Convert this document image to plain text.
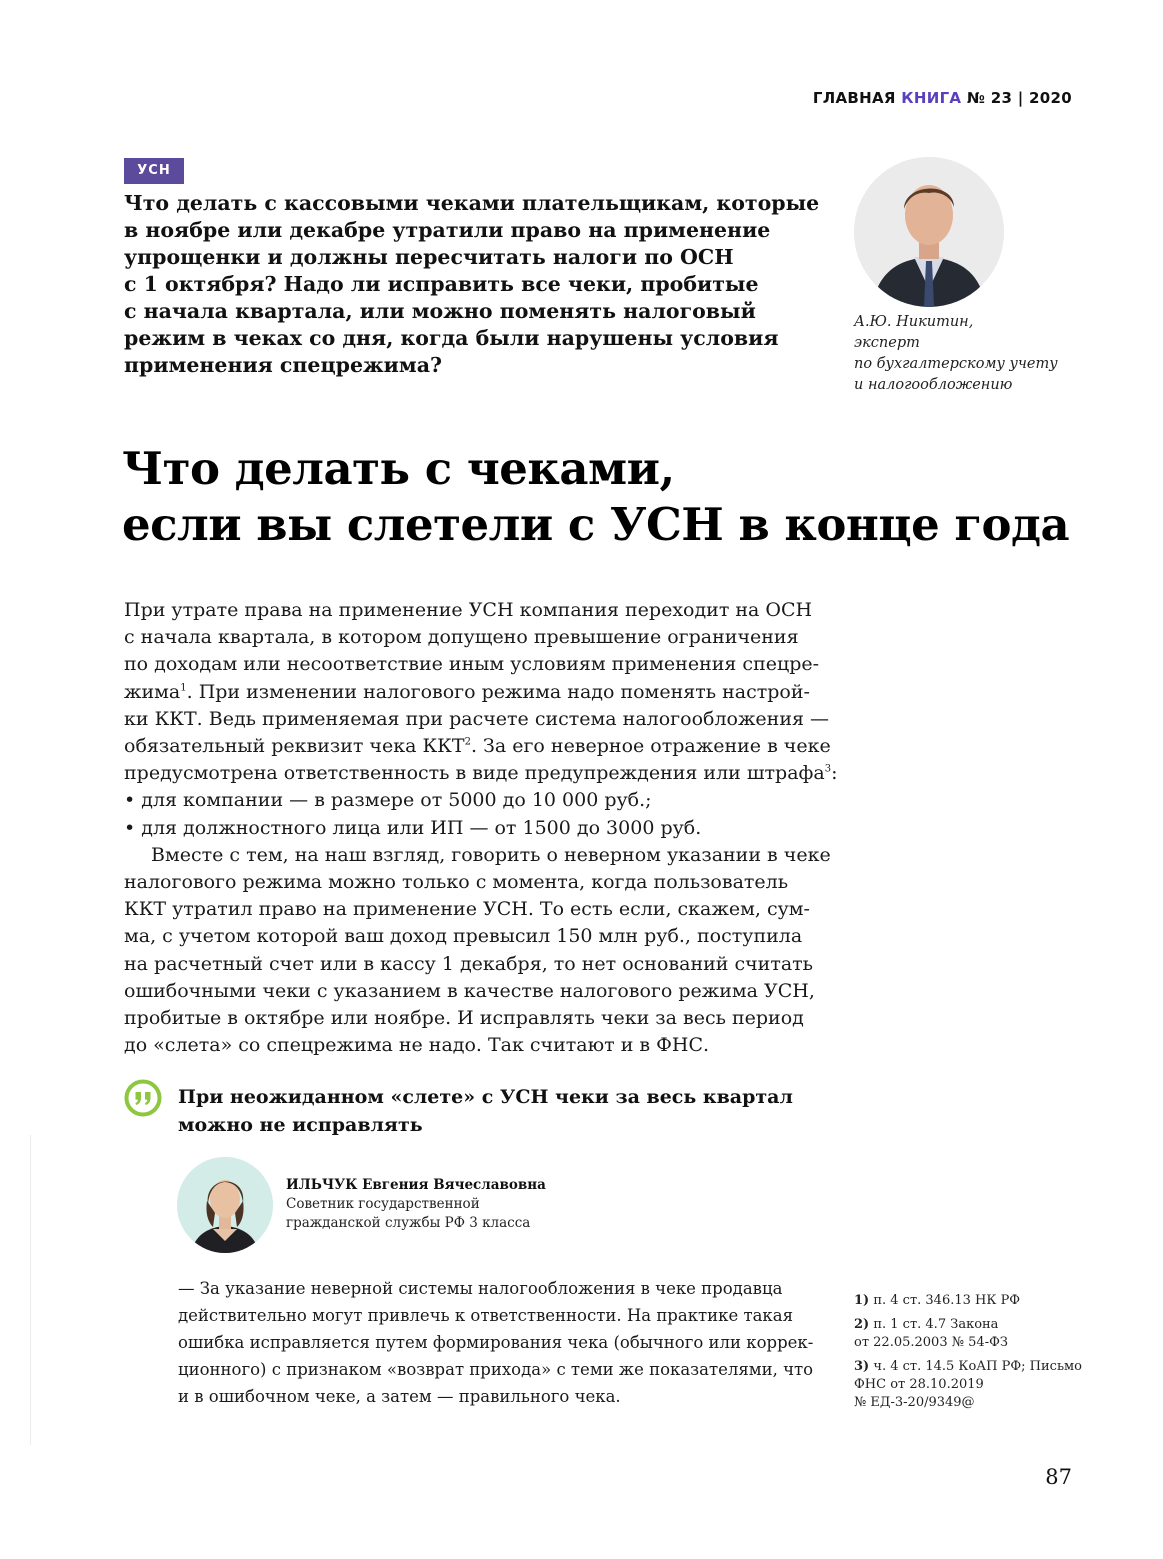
ГЛАВНАЯ КНИГА № 23 | 2020
УСН

Что делать с кассовыми чеками плательщикам, которые
в ноябре или декабре утратили право на применение
упрощенки и должны пересчитать налоги по ОСН
с 1 октября? Надо ли исправить все чеки, пробитые
с начала квартала, или можно поменять налоговый
режим в чеках со дня, когда были нарушены условия
применения спецрежима?

А.Ю. Никитин,
эксперт
по бухгалтерскому учету
и налогообложению
Что делать с чеками,
если вы слетели с УСН в конце года
При утрате права на применение УСН компания переходит на ОСН
с начала квартала, в котором допущено превышение ограничения
по доходам или несоответствие иным условиям применения спецре-
жима$^1$. При изменении налогового режима надо поменять настрой-
ки ККТ. Ведь применяемая при расчете система налогообложения —
обязательный реквизит чека ККТ$^2$. За его неверное отражение в чеке
предусмотрена ответственность в виде предупреждения или штрафа$^3$:
• для компании — в размере от 5000 до 10 000 руб.;
• для должностного лица или ИП — от 1500 до 3000 руб.
Вместе с тем, на наш взгляд, говорить о неверном указании в чеке
налогового режима можно только с момента, когда пользователь
ККТ утратил право на применение УСН. То есть если, скажем, сум-
ма, с учетом которой ваш доход превысил 150 млн руб., поступила
на расчетный счет или в кассу 1 декабря, то нет оснований считать
ошибочными чеки с указанием в качестве налогового режима УСН,
пробитые в октябре или ноябре. И исправлять чеки за весь период
до «слета» со спецрежима не надо. Так считают и в ФНС.

При неожиданном «слете» с УСН чеки за весь квартал
можно не исправлять

ИЛЬЧУК Евгения Вячеславовна
Советник государственной
гражданской службы РФ 3 класса
— За указание неверной системы налогообложения в чеке продавца
действительно могут привлечь к ответственности. На практике такая
ошибка исправляется путем формирования чека (обычного или коррек-
ционного) с признаком «возврат прихода» с теми же показателями, что
и в ошибочном чеке, а затем — правильного чека.
1) п. 4 ст. 346.13 НК РФ
2) п. 1 ст. 4.7 Закона
от 22.05.2003 № 54-ФЗ
3) ч. 4 ст. 14.5 КоАП РФ; Письмо
ФНС от 28.10.2019
№ ЕД-3-20/9349@
87
